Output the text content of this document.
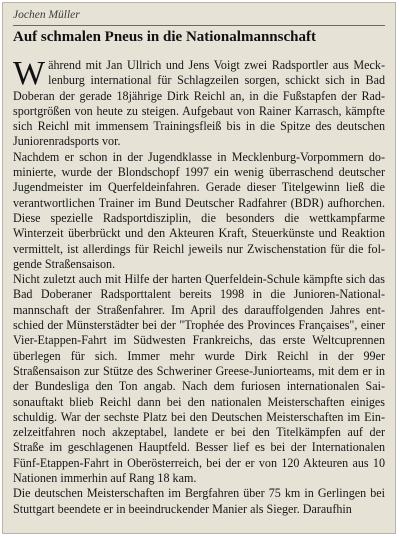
Jochen Müller
Auf schmalen Pneus in die Nationalmannschaft

Während mit Jan Ullrich und Jens Voigt zwei Radsportler aus Mecklenburg international für Schlagzeilen sorgen, schickt sich in Bad Doberan der gerade 18jährige Dirk Reichl an, in die Fußstapfen der Radsportgrößen von heute zu steigen. Aufgebaut von Rainer Karrasch, kämpfte sich Reichl mit immensem Trainingsfleiß bis in die Spitze des deutschen Juniorenradsports vor.

Nachdem er schon in der Jugendklasse in Mecklenburg-Vorpommern dominierte, wurde der Blondschopf 1997 ein wenig überraschend deutscher Jugendmeister im Querfeldeinfahren. Gerade dieser Titelgewinn ließ die verantwortlichen Trainer im Bund Deutscher Radfahrer (BDR) aufhorchen. Diese spezielle Radsportdisziplin, die besonders die wettkampfarme Winterzeit überbrückt und den Akteuren Kraft, Steuerkünste und Reaktion vermittelt, ist allerdings für Reichl jeweils nur Zwischenstation für die folgende Straßensaison.

Nicht zuletzt auch mit Hilfe der harten Querfeldein-Schule kämpfte sich das Bad Doberaner Radsporttalent bereits 1998 in die Junioren-Nationalmannschaft der Straßenfahrer. Im April des darauffolgenden Jahres entschied der Münsterstädter bei der "Trophée des Provinces Françaises", einer Vier-Etappen-Fahrt im Südwesten Frankreichs, das erste Weltcuprennen überlegen für sich. Immer mehr wurde Dirk Reichl in der 99er Straßensaison zur Stütze des Schweriner Greese-Juniorteams, mit dem er in der Bundesliga den Ton angab. Nach dem furiosen internationalen Saisonauftakt blieb Reichl dann bei den nationalen Meisterschaften einiges schuldig. War der sechste Platz bei den Deutschen Meisterschaften im Einzelzeitfahren noch akzeptabel, landete er bei den Titelkämpfen auf der Straße im geschlagenen Hauptfeld. Besser lief es bei der Internationalen Fünf-Etappen-Fahrt in Oberösterreich, bei der er von 120 Akteuren aus 10 Nationen immerhin auf Rang 18 kam.

Die deutschen Meisterschaften im Bergfahren über 75 km in Gerlingen bei Stuttgart beendete er in beeindruckender Manier als Sieger. Daraufhin
